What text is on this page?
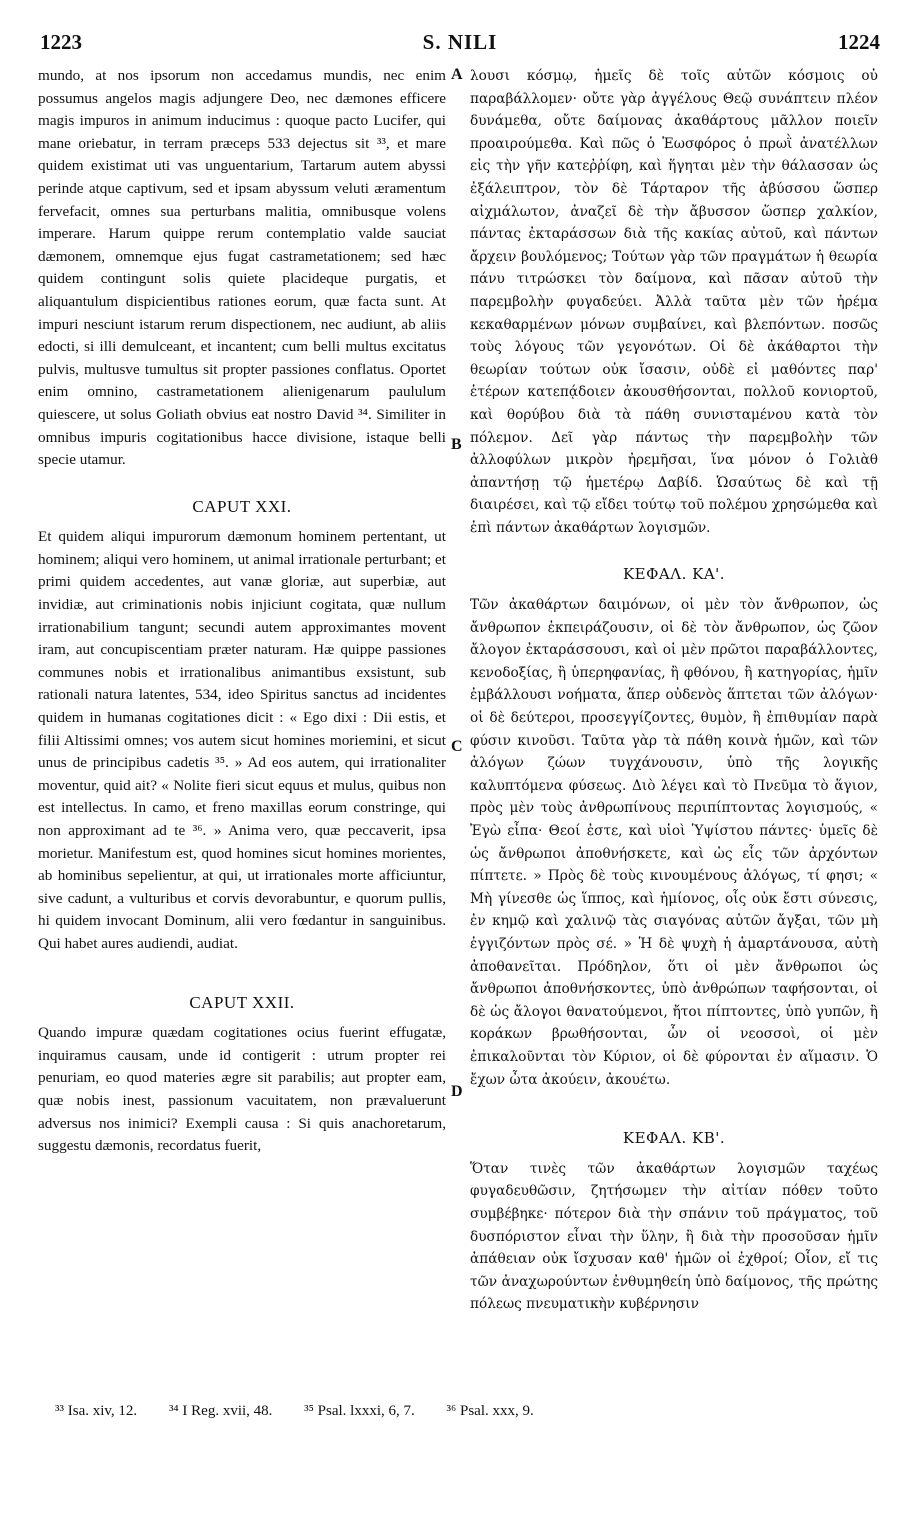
1223	S. NILI	1224
A
B
C
D

mundo, at nos ipsorum non accedamus mundis, nec enim possumus angelos magis adjungere Deo, nec dæmones efficere magis impuros in animum inducimus : quoque pacto Lucifer, qui mane oriebatur, in terram præceps 533 dejectus sit ³³, et mare quidem existimat uti vas unguentarium, Tartarum autem abyssi perinde atque captivum, sed et ipsam abyssum veluti æramentum fervefacit, omnes sua perturbans malitia, omnibusque volens imperare. Harum quippe rerum contemplatio valde sauciat dæmonem, omnemque ejus fugat castrametationem; sed hæc quidem contingunt solis quiete placideque purgatis, et aliquantulum dispicientibus rationes eorum, quæ facta sunt. At impuri nesciunt istarum rerum dispectionem, nec audiunt, ab aliis edocti, si illi demulceant, et incantent; cum belli multus excitatus pulvis, multusve tumultus sit propter passiones conflatus. Oportet enim omnino, castrametationem alienigenarum paululum quiescere, ut solus Goliath obvius eat nostro David ³⁴. Similiter in omnibus impuris cogitationibus hacce divisione, istaque belli specie utamur.

CAPUT XXI.

Et quidem aliqui impurorum dæmonum hominem pertentant, ut hominem; aliqui vero hominem, ut animal irrationale perturbant; et primi quidem accedentes, aut vanæ gloriæ, aut superbiæ, aut invidiæ, aut criminationis nobis injiciunt cogitata, quæ nullum irrationabilium tangunt; secundi autem approximantes movent iram, aut concupiscentiam præter naturam. Hæ quippe passiones communes nobis et irrationalibus animantibus exsistunt, sub rationali natura latentes, 534, ideo Spiritus sanctus ad incidentes quidem in humanas cogitationes dicit : « Ego dixi : Dii estis, et filii Altissimi omnes; vos autem sicut homines moriemini, et sicut unus de principibus cadetis ³⁵. » Ad eos autem, qui irrationaliter moventur, quid ait? « Nolite fieri sicut equus et mulus, quibus non est intellectus. In camo, et freno maxillas eorum constringe, qui non approximant ad te ³⁶. » Anima vero, quæ peccaverit, ipsa morietur. Manifestum est, quod homines sicut homines morientes, ab hominibus sepelientur, at qui, ut irrationales morte afficiuntur, sive cadunt, a vulturibus et corvis devorabuntur, e quorum pullis, hi quidem invocant Dominum, alii vero fœdantur in sanguinibus. Qui habet aures audiendi, audiat.

CAPUT XXII.

Quando impuræ quædam cogitationes ocius fuerint effugatæ, inquiramus causam, unde id contigerit : utrum propter rei penuriam, eo quod materies ægre sit parabilis; aut propter eam, quæ nobis inest, passionum vacuitatem, non prævaluerunt adversus nos inimici? Exempli causa : Si quis anachoretarum, suggestu dæmonis, recordatus fuerit,

λουσι κόσμῳ, ἡμεῖς δὲ τοῖς αὐτῶν κόσμοις οὐ παραβάλλομεν· οὔτε γὰρ ἀγγέλους Θεῷ συνάπτειν πλέον δυνάμεθα, οὔτε δαίμονας ἀκαθάρτους μᾶλλον ποιεῖν προαιρούμεθα. Καὶ πῶς ὁ Ἑωσφόρος ὁ πρωῒ ἀνατέλλων εἰς τὴν γῆν κατεῤῥίφη, καὶ ἥγηται μὲν τὴν θάλασσαν ὡς ἐξάλειπτρον, τὸν δὲ Τάρταρον τῆς ἀβύσσου ὥσπερ αἰχμάλωτον, ἀναζεῖ δὲ τὴν ἄβυσσον ὥσπερ χαλκίον, πάντας ἐκταράσσων διὰ τῆς κακίας αὐτοῦ, καὶ πάντων ἄρχειν βουλόμενος; Τούτων γὰρ τῶν πραγμάτων ἡ θεωρία πάνυ τιτρώσκει τὸν δαίμονα, καὶ πᾶσαν αὐτοῦ τὴν παρεμβολὴν φυγαδεύει. Ἀλλὰ ταῦτα μὲν τῶν ἠρέμα κεκαθαρμένων μόνων συμβαίνει, καὶ βλεπόντων. ποσῶς τοὺς λόγους τῶν γεγονότων. Οἱ δὲ ἀκάθαρτοι τὴν θεωρίαν τούτων οὐκ ἴσασιν, οὐδὲ εἰ μαθόντες παρ' ἑτέρων κατεπᾴδοιεν ἀκουσθήσονται, πολλοῦ κονιορτοῦ, καὶ θορύβου διὰ τὰ πάθη συνισταμένου κατὰ τὸν πόλεμον. Δεῖ γὰρ πάντως τὴν παρεμβολὴν τῶν ἀλλοφύλων μικρὸν ἠρεμῆσαι, ἵνα μόνον ὁ Γολιὰθ ἀπαντήσῃ τῷ ἡμετέρῳ Δαβίδ. Ὡσαύτως δὲ καὶ τῇ διαιρέσει, καὶ τῷ εἴδει τούτῳ τοῦ πολέμου χρησώμεθα καὶ ἐπὶ πάντων ἀκαθάρτων λογισμῶν.

ΚΕΦΑΛ. ΚΑ'.

Τῶν ἀκαθάρτων δαιμόνων, οἱ μὲν τὸν ἄνθρωπον, ὡς ἄνθρωπον ἐκπειράζουσιν, οἱ δὲ τὸν ἄνθρωπον, ὡς ζῶον ἄλογον ἐκταράσσουσι, καὶ οἱ μὲν πρῶτοι παραβάλλοντες, κενοδοξίας, ἢ ὑπερηφανίας, ἢ φθόνου, ἢ κατηγορίας, ἡμῖν ἐμβάλλουσι νοήματα, ἅπερ οὐδενὸς ἅπτεται τῶν ἀλόγων· οἱ δὲ δεύτεροι, προσεγγίζοντες, θυμὸν, ἢ ἐπιθυμίαν παρὰ φύσιν κινοῦσι. Ταῦτα γὰρ τὰ πάθη κοινὰ ἡμῶν, καὶ τῶν ἀλόγων ζώων τυγχάνουσιν, ὑπὸ τῆς λογικῆς καλυπτόμενα φύσεως. Διὸ λέγει καὶ τὸ Πνεῦμα τὸ ἅγιον, πρὸς μὲν τοὺς ἀνθρωπίνους περιπίπτοντας λογισμούς, « Ἐγὼ εἶπα· Θεοί ἐστε, καὶ υἱοὶ Ὑψίστου πάντες· ὑμεῖς δὲ ὡς ἄνθρωποι ἀποθνήσκετε, καὶ ὡς εἷς τῶν ἀρχόντων πίπτετε. » Πρὸς δὲ τοὺς κινουμένους ἀλόγως, τί φησι; « Μὴ γίνεσθε ὡς ἵππος, καὶ ἡμίονος, οἷς οὐκ ἔστι σύνεσις, ἐν κημῷ καὶ χαλινῷ τὰς σιαγόνας αὐτῶν ἄγξαι, τῶν μὴ ἐγγιζόντων πρὸς σέ. » Ἡ δὲ ψυχὴ ἡ ἁμαρτάνουσα, αὐτὴ ἀποθανεῖται. Πρόδηλον, ὅτι οἱ μὲν ἄνθρωποι ὡς ἄνθρωποι ἀποθνήσκοντες, ὑπὸ ἀνθρώπων ταφήσονται, οἱ δὲ ὡς ἄλογοι θανατούμενοι, ἤτοι πίπτοντες, ὑπὸ γυπῶν, ἢ κοράκων βρωθήσονται, ὧν οἱ νεοσσοὶ, οἱ μὲν ἐπικαλοῦνται τὸν Κύριον, οἱ δὲ φύρονται ἐν αἵμασιν. Ὁ ἔχων ὦτα ἀκούειν, ἀκουέτω.

ΚΕΦΑΛ. ΚΒ'.

Ὅταν τινὲς τῶν ἀκαθάρτων λογισμῶν ταχέως φυγαδευθῶσιν, ζητήσωμεν τὴν αἰτίαν πόθεν τοῦτο συμβέβηκε· πότερον διὰ τὴν σπάνιν τοῦ πράγματος, τοῦ δυσπόριστον εἶναι τὴν ὕλην, ἢ διὰ τὴν προσοῦσαν ἡμῖν ἀπάθειαν οὐκ ἴσχυσαν καθ' ἡμῶν οἱ ἐχθροί; Οἷον, εἴ τις τῶν ἀναχωρούντων ἐνθυμηθείη ὑπὸ δαίμονος, τῆς πρώτης πόλεως πνευματικὴν κυβέρνησιν

³³ Isa. xiv, 12. ³⁴ I Reg. xvii, 48. ³⁵ Psal. lxxxi, 6, 7. ³⁶ Psal. xxx, 9.
